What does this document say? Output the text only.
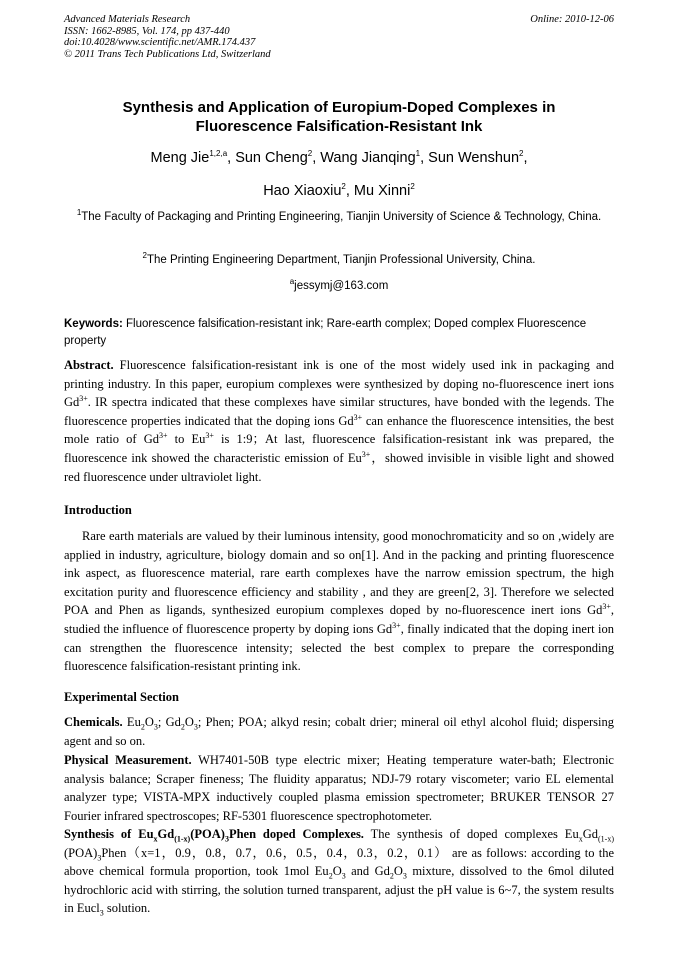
Advanced Materials Research
ISSN: 1662-8985, Vol. 174, pp 437-440
doi:10.4028/www.scientific.net/AMR.174.437
© 2011 Trans Tech Publications Ltd, Switzerland
Online: 2010-12-06
Synthesis and Application of Europium-Doped Complexes in
Fluorescence Falsification-Resistant Ink
Meng Jie$^{1,2,a}$, Sun Cheng$^2$, Wang Jianqing$^1$, Sun Wenshun$^2$,
Hao Xiaoxiu$^2$, Mu Xinni$^2$
$^1$The Faculty of Packaging and Printing Engineering, Tianjin University of Science & Technology, China.
$^2$The Printing Engineering Department, Tianjin Professional University, China.
$^a$jessymj@163.com
Keywords: Fluorescence falsification-resistant ink; Rare-earth complex; Doped complex Fluorescence property
Abstract. Fluorescence falsification-resistant ink is one of the most widely used ink in packaging and printing industry. In this paper, europium complexes were synthesized by doping no-fluorescence inert ions $Gd^{3+}$. IR spectra indicated that these complexes have similar structures, have bonded with the legends. The fluorescence properties indicated that the doping ions $Gd^{3+}$ can enhance the fluorescence intensities, the best mole ratio of $Gd^{3+}$ to $Eu^{3+}$ is 1:9；At last, fluorescence falsification-resistant ink was prepared, the fluorescence ink showed the characteristic emission of $Eu^{3+}$，showed invisible in visible light and showed red fluorescence under ultraviolet light.
Introduction
Rare earth materials are valued by their luminous intensity, good monochromaticity and so on ,widely are applied in industry, agriculture, biology domain and so on[1]. And in the packing and printing fluorescence ink aspect, as fluorescence material, rare earth complexes have the narrow emission spectrum, the high excitation purity and fluorescence efficiency and stability , and they are green[2, 3]. Therefore we selected POA and Phen as ligands, synthesized europium complexes doped by no-fluorescence inert ions $Gd^{3+}$, studied the influence of fluorescence property by doping ions $Gd^{3+}$, finally indicated that the doping inert ion can strengthen the fluorescence intensity; selected the best complex to prepare the corresponding fluorescence falsification-resistant printing ink.
Experimental Section
Chemicals. $Eu_2O_3$; $Gd_2O_3$; Phen; POA; alkyd resin; cobalt drier; mineral oil ethyl alcohol fluid; dispersing agent and so on.
Physical Measurement. WH7401-50B type electric mixer; Heating temperature water-bath; Electronic analysis balance; Scraper fineness; The fluidity apparatus; NDJ-79 rotary viscometer; vario EL elemental analyzer type; VISTA-MPX inductively coupled plasma emission spectrometer; BRUKER TENSOR 27 Fourier infrared spectroscopes; RF-5301 fluorescence spectrophotometer.
Synthesis of $Eu_xGd_{(1-x)}(POA)_3Phen$ doped Complexes. The synthesis of doped complexes $Eu_xGd_{(1-x)}(POA)_3Phen(x=1$，0.9，0.8，0.7，0.6，0.5，0.4，0.3，0.2，0.1） are as follows: according to the above chemical formula proportion, took 1mol $Eu_2O_3$ and $Gd_2O_3$ mixture, dissolved to the 6mol diluted hydrochloric acid with stirring, the solution turned transparent, adjust the pH value is 6~7, the system results in Eucl$_3$ solution.
